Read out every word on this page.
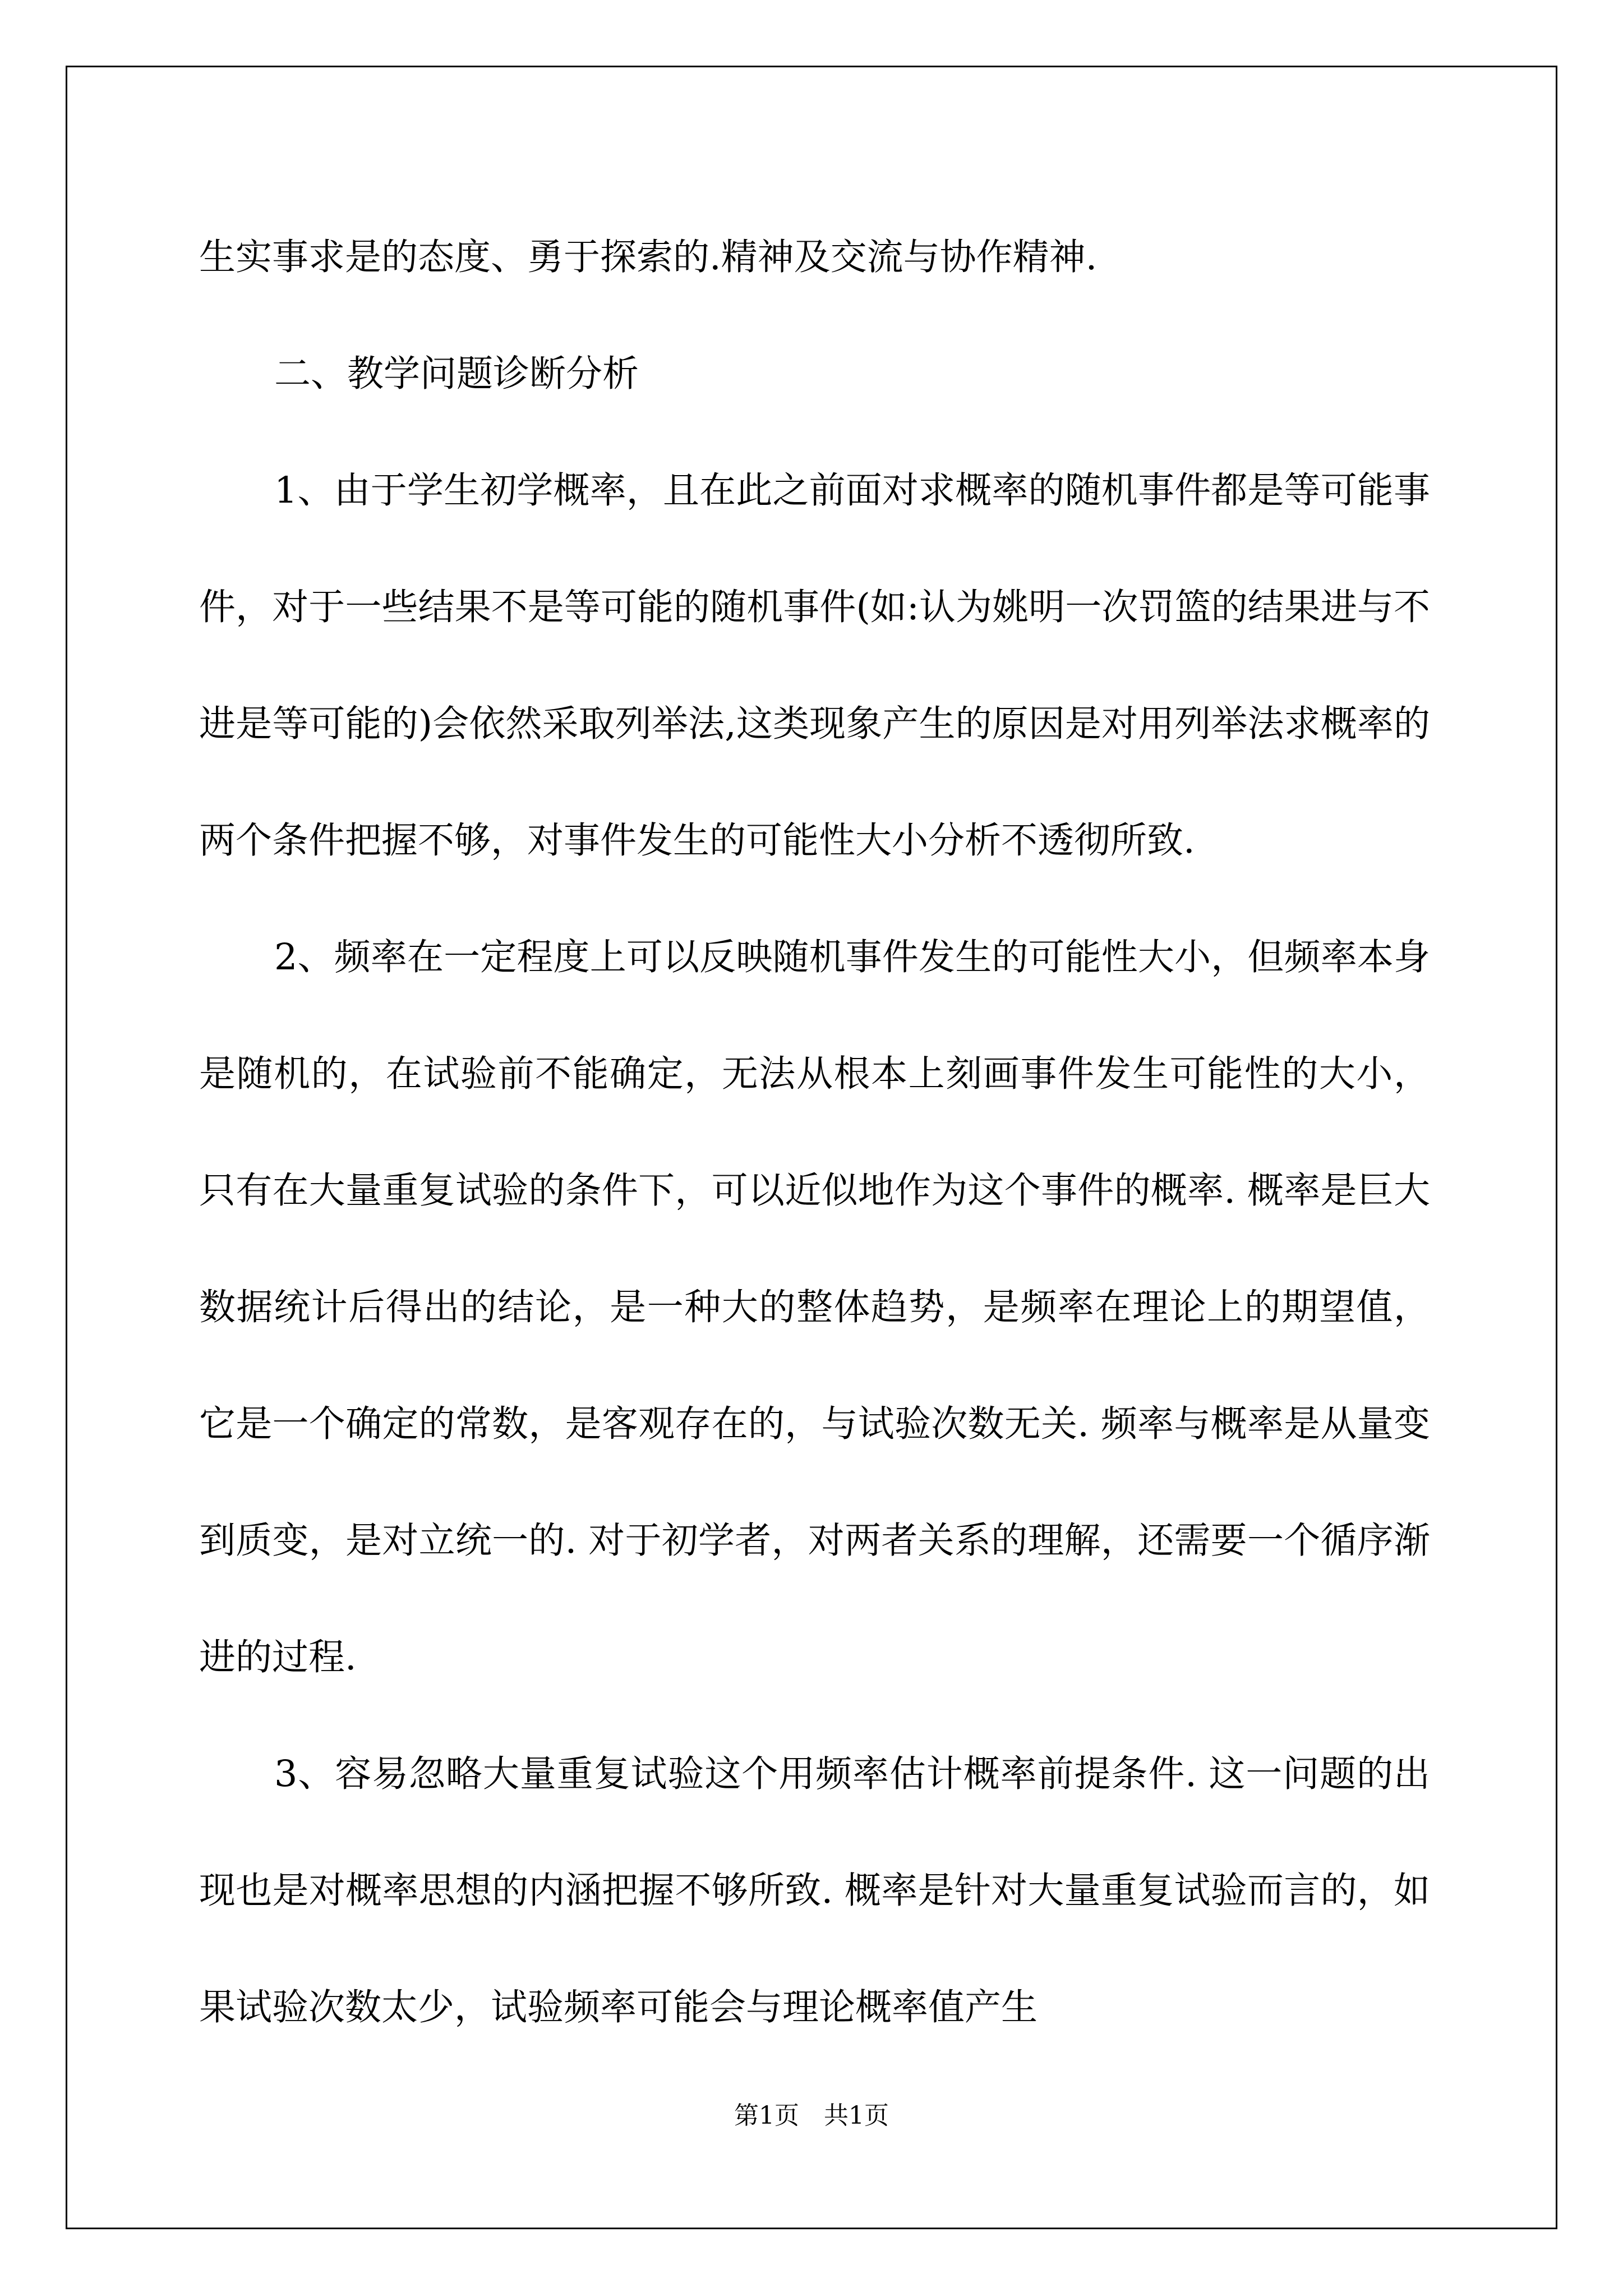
生实事求是的态度、勇于探索的.精神及交流与协作精神.

二、教学问题诊断分析

1、由于学生初学概率，且在此之前面对求概率的随机事件都是等可能事件，对于一些结果不是等可能的随机事件(如:认为姚明一次罚篮的结果进与不进是等可能的)会依然采取列举法,这类现象产生的原因是对用列举法求概率的两个条件把握不够，对事件发生的可能性大小分析不透彻所致.

2、频率在一定程度上可以反映随机事件发生的可能性大小，但频率本身是随机的，在试验前不能确定，无法从根本上刻画事件发生可能性的大小，只有在大量重复试验的条件下，可以近似地作为这个事件的概率. 概率是巨大数据统计后得出的结论，是一种大的整体趋势，是频率在理论上的期望值，它是一个确定的常数，是客观存在的，与试验次数无关. 频率与概率是从量变到质变，是对立统一的. 对于初学者，对两者关系的理解，还需要一个循序渐进的过程.

3、容易忽略大量重复试验这个用频率估计概率前提条件. 这一问题的出现也是对概率思想的内涵把握不够所致. 概率是针对大量重复试验而言的，如果试验次数太少，试验频率可能会与理论概率值产生

第1页 共1页
